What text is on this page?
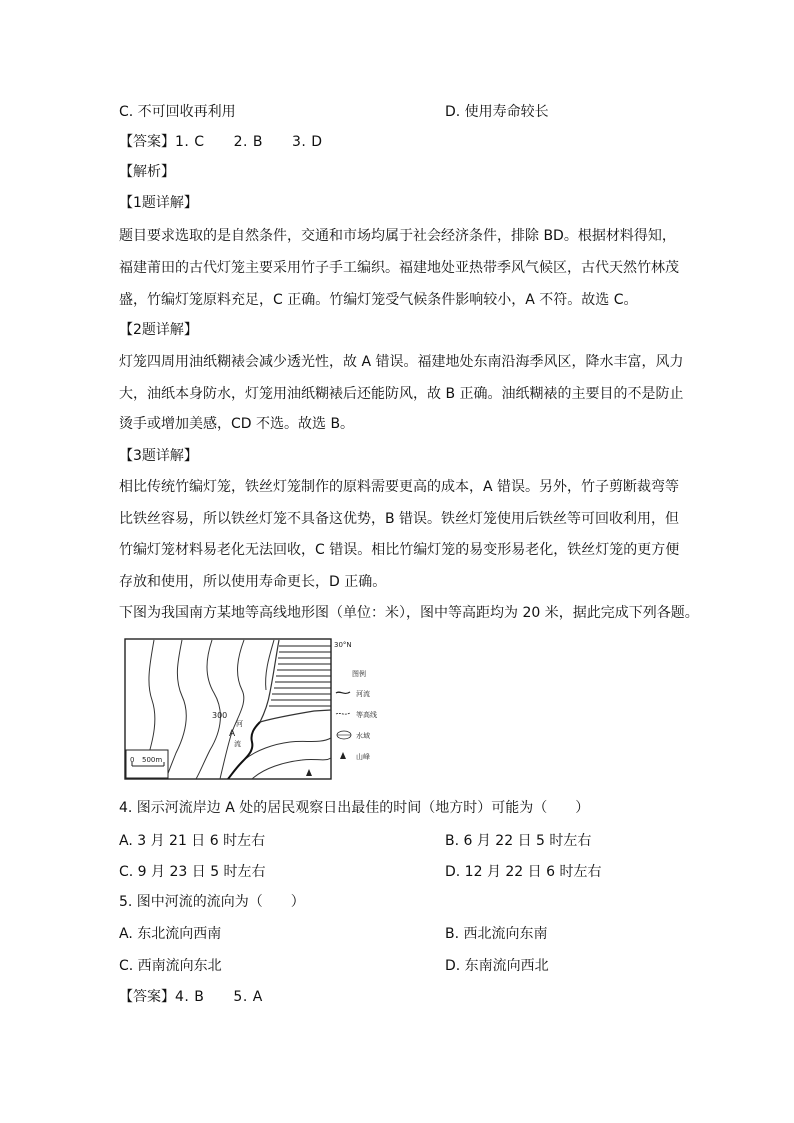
C. 不可回收再利用	D. 使用寿命较长
【答案】1. C　　2. B　　3. D
【解析】
【1题详解】
题目要求选取的是自然条件，交通和市场均属于社会经济条件，排除 BD。根据材料得知，
福建莆田的古代灯笼主要采用竹子手工编织。福建地处亚热带季风气候区，古代天然竹林茂
盛，竹编灯笼原料充足，C 正确。竹编灯笼受气候条件影响较小，A 不符。故选 C。
【2题详解】
灯笼四周用油纸糊裱会减少透光性，故 A 错误。福建地处东南沿海季风区，降水丰富，风力
大，油纸本身防水，灯笼用油纸糊裱后还能防风，故 B 正确。油纸糊裱的主要目的不是防止
烫手或增加美感，CD 不选。故选 B。
【3题详解】
相比传统竹编灯笼，铁丝灯笼制作的原料需要更高的成本，A 错误。另外，竹子剪断裁弯等
比铁丝容易，所以铁丝灯笼不具备这优势，B 错误。铁丝灯笼使用后铁丝等可回收利用，但
竹编灯笼材料易老化无法回收，C 错误。相比竹编灯笼的易变形易老化，铁丝灯笼的更方便
存放和使用，所以使用寿命更长，D 正确。
下图为我国南方某地等高线地形图（单位：米），图中等高距均为 20 米，据此完成下列各题。
30°N
300
A
河
流
0 500m
图例
河流
等高线
水域
山峰
4. 图示河流岸边 A 处的居民观察日出最佳的时间（地方时）可能为（　　）
A. 3 月 21 日 6 时左右	B. 6 月 22 日 5 时左右
C. 9 月 23 日 5 时左右	D. 12 月 22 日 6 时左右
5. 图中河流的流向为（　　）
A. 东北流向西南	B. 西北流向东南
C. 西南流向东北	D. 东南流向西北
【答案】4. B　　5. A
